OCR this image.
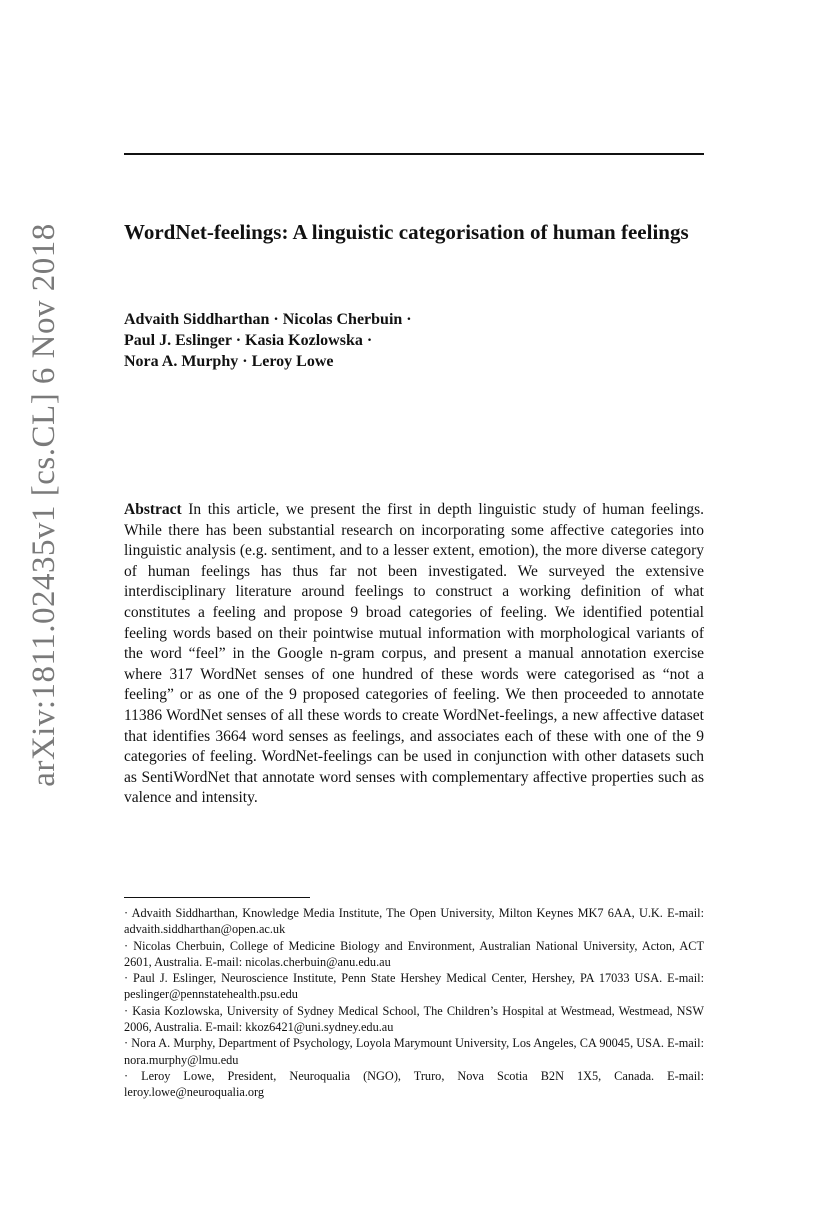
arXiv:1811.02435v1 [cs.CL] 6 Nov 2018	WordNet-feelings: A linguistic categorisation of human feelings
Advaith Siddharthan · Nicolas Cherbuin ·
Paul J. Eslinger · Kasia Kozlowska ·
Nora A. Murphy · Leroy Lowe

Abstract In this article, we present the first in depth linguistic study of human feelings. While there has been substantial research on incorporating some affective categories into linguistic analysis (e.g. sentiment, and to a lesser extent, emotion), the more diverse category of human feelings has thus far not been investigated. We surveyed the extensive interdisciplinary literature around feelings to construct a working definition of what constitutes a feeling and propose 9 broad categories of feeling. We identified potential feeling words based on their pointwise mutual information with morphological variants of the word “feel” in the Google n-gram corpus, and present a manual annotation exercise where 317 WordNet senses of one hundred of these words were categorised as “not a feeling” or as one of the 9 proposed categories of feeling. We then proceeded to annotate 11386 WordNet senses of all these words to create WordNet-feelings, a new affective dataset that identifies 3664 word senses as feelings, and associates each of these with one of the 9 categories of feeling. WordNet-feelings can be used in conjunction with other datasets such as SentiWordNet that annotate word senses with complementary affective properties such as valence and intensity.

· Advaith Siddharthan, Knowledge Media Institute, The Open University, Milton Keynes MK7 6AA, U.K. E-mail: advaith.siddharthan@open.ac.uk

· Nicolas Cherbuin, College of Medicine Biology and Environment, Australian National University, Acton, ACT 2601, Australia. E-mail: nicolas.cherbuin@anu.edu.au

· Paul J. Eslinger, Neuroscience Institute, Penn State Hershey Medical Center, Hershey, PA 17033 USA. E-mail: peslinger@pennstatehealth.psu.edu

· Kasia Kozlowska, University of Sydney Medical School, The Children’s Hospital at Westmead, Westmead, NSW 2006, Australia. E-mail: kkoz6421@uni.sydney.edu.au

· Nora A. Murphy, Department of Psychology, Loyola Marymount University, Los Angeles, CA 90045, USA. E-mail: nora.murphy@lmu.edu

· Leroy Lowe, President, Neuroqualia (NGO), Truro, Nova Scotia B2N 1X5, Canada. E-mail: leroy.lowe@neuroqualia.org
